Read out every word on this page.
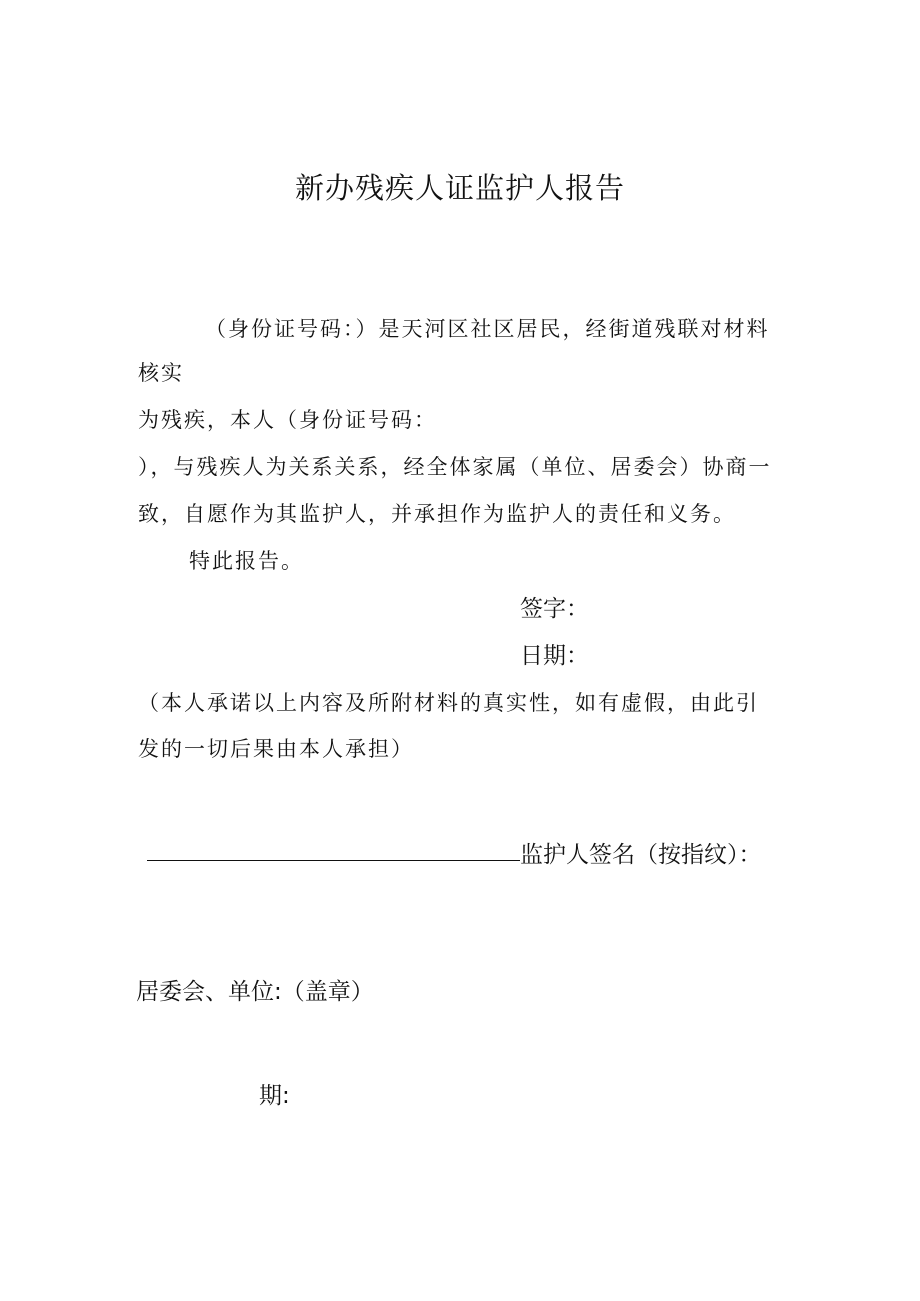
新办残疾人证监护人报告

（身份证号码：）是天河区社区居民，经街道残联对材料

核实

为残疾，本人（身份证号码：

），与残疾人为关系关系，经全体家属（单位、居委会）协商一

致，自愿作为其监护人，并承担作为监护人的责任和义务。

特此报告。

签字：

日期：

（本人承诺以上内容及所附材料的真实性，如有虚假，由此引

发的一切后果由本人承担）

监护人签名（按指纹）：

居委会、单位:（盖章）

期:
